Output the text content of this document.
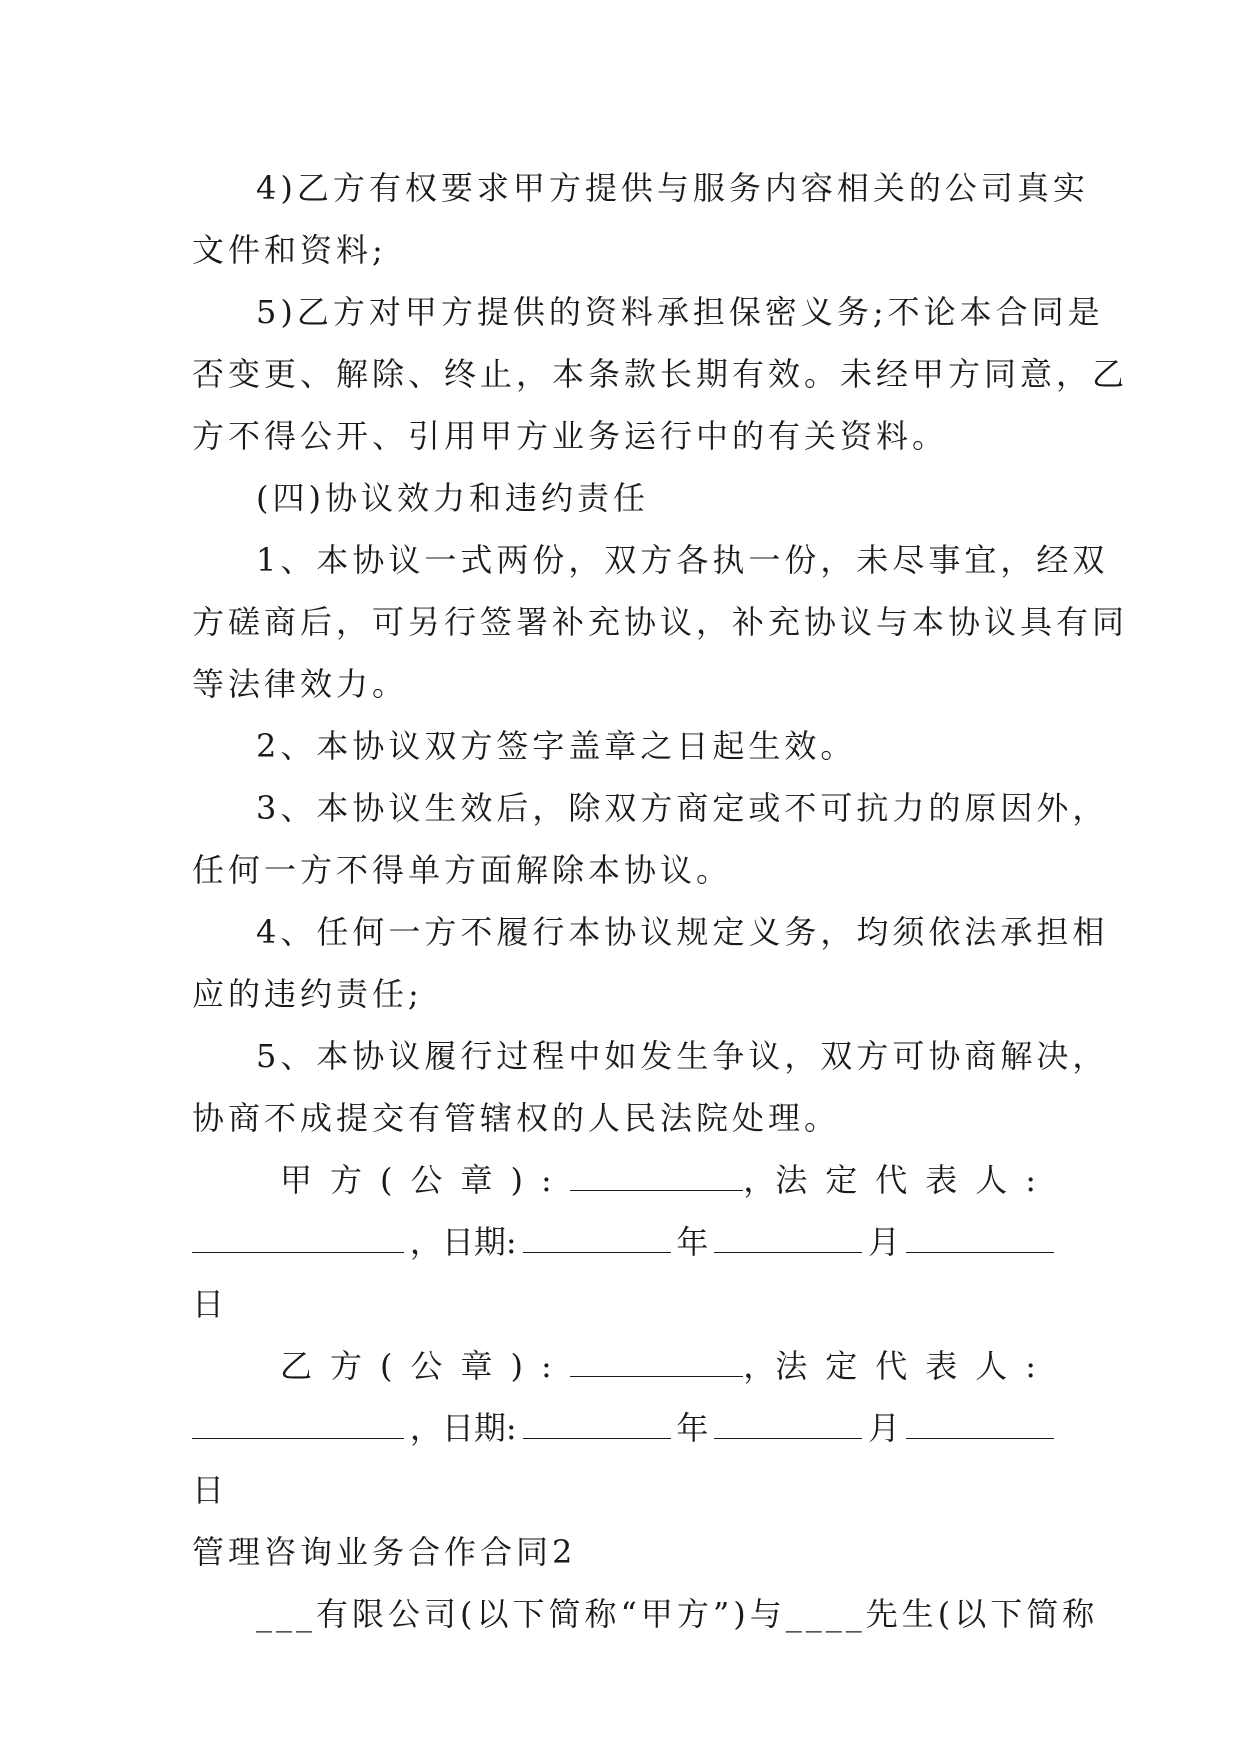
4)乙方有权要求甲方提供与服务内容相关的公司真实
文件和资料;

5)乙方对甲方提供的资料承担保密义务;不论本合同是
否变更、解除、终止，本条款长期有效。未经甲方同意，乙
方不得公开、引用甲方业务运行中的有关资料。

(四)协议效力和违约责任

1、本协议一式两份，双方各执一份，未尽事宜，经双
方磋商后，可另行签署补充协议，补充协议与本协议具有同
等法律效力。

2、本协议双方签字盖章之日起生效。

3、本协议生效后，除双方商定或不可抗力的原因外，
任何一方不得单方面解除本协议。

4、任何一方不履行本协议规定义务，均须依法承担相
应的违约责任;

5、本协议履行过程中如发生争议，双方可协商解决，
协商不成提交有管辖权的人民法院处理。

甲方(公章):	， 法定代表人:
，日期:	年	月
日
乙方(公章):	， 法定代表人:
，日期:	年	月
日

管理咨询业务合作合同2

___有限公司(以下简称“甲方”)与____先生(以下简称
